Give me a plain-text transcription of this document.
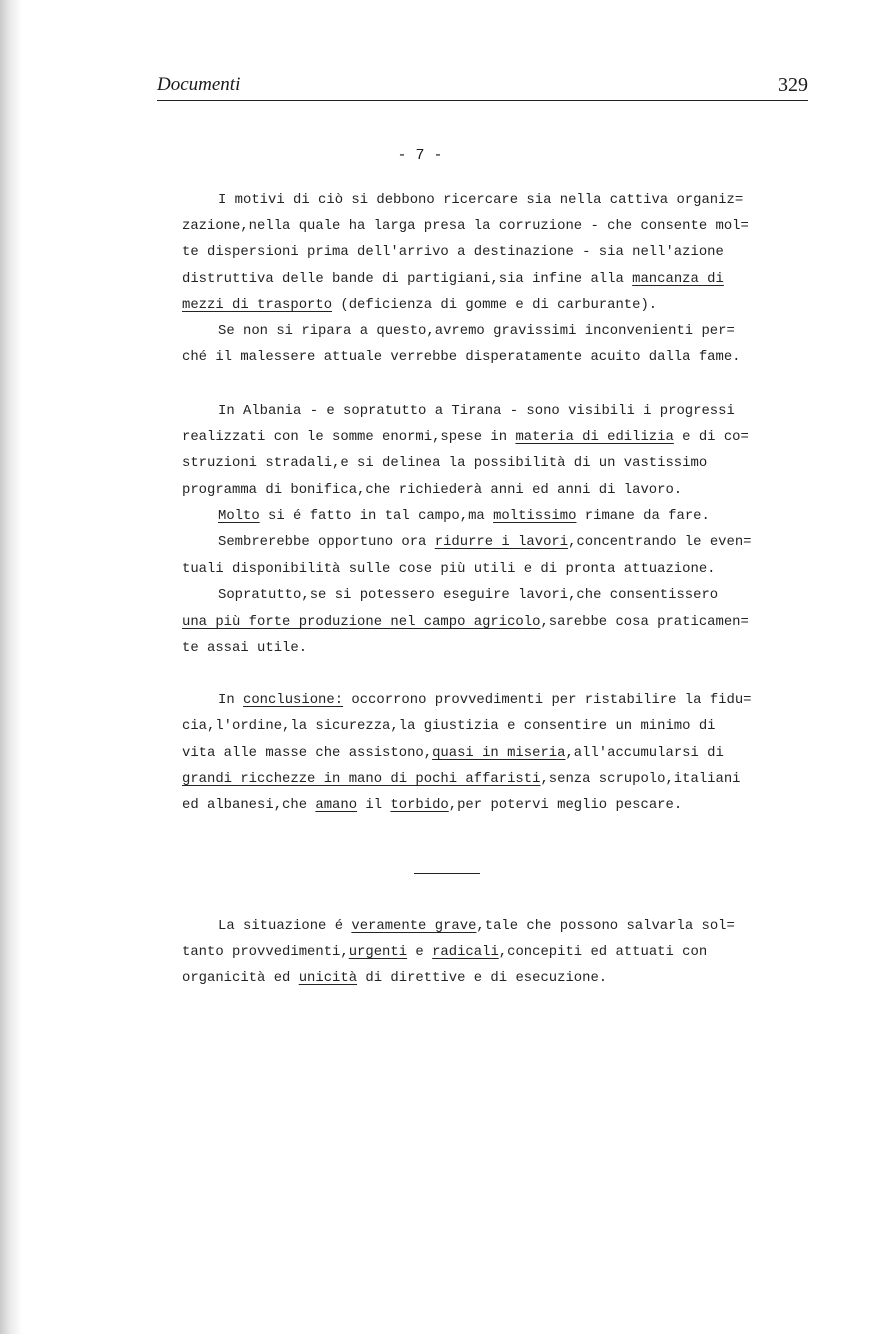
Documenti	329
- 7 -
I motivi di ciò si debbono ricercare sia nella cattiva organiz=
zazione,nella quale ha larga presa la corruzione - che consente mol=
te dispersioni prima dell'arrivo a destinazione - sia nell'azione
distruttiva delle bande di partigiani,sia infine alla mancanza di
mezzi di trasporto (deficienza di gomme e di carburante).
Se non si ripara a questo,avremo gravissimi inconvenienti per=
ché il malessere attuale verrebbe disperatamente acuito dalla fame.
In Albania - e sopratutto a Tirana - sono visibili i progressi
realizzati con le somme enormi,spese in materia di edilizia e di co=
struzioni stradali,e si delinea la possibilità di un vastissimo
programma di bonifica,che richiederà anni ed anni di lavoro.
Molto si é fatto in tal campo,ma moltissimo rimane da fare.
Sembrerebbe opportuno ora ridurre i lavori,concentrando le even=
tuali disponibilità sulle cose più utili e di pronta attuazione.
Sopratutto,se si potessero eseguire lavori,che consentissero
una più forte produzione nel campo agricolo,sarebbe cosa praticamen=
te assai utile.
In conclusione: occorrono provvedimenti per ristabilire la fidu=
cia,l'ordine,la sicurezza,la giustizia e consentire un minimo di
vita alle masse che assistono,quasi in miseria,all'accumularsi di
grandi ricchezze in mano di pochi affaristi,senza scrupolo,italiani
ed albanesi,che amano il torbido,per potervi meglio pescare.
La situazione é veramente grave,tale che possono salvarla sol=
tanto provvedimenti,urgenti e radicali,concepiti ed attuati con
organicità ed unicità di direttive e di esecuzione.
